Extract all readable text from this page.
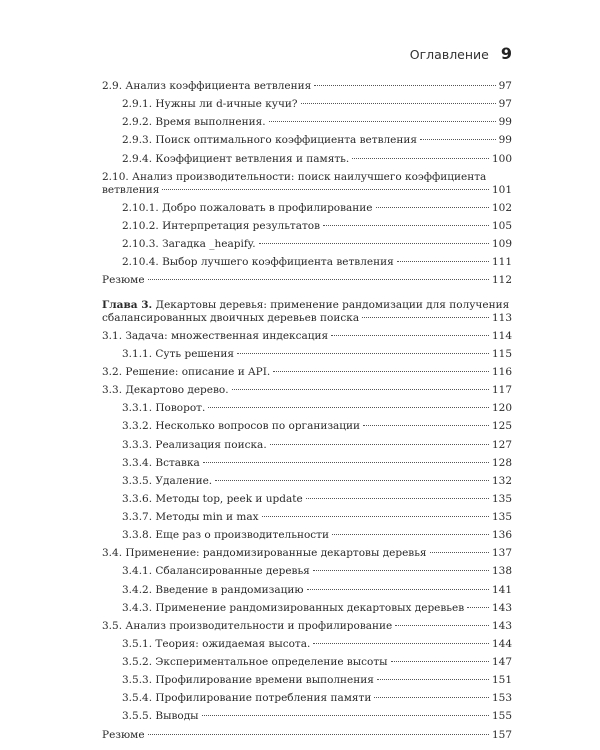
Оглавление 9
2.9. Анализ коэффициента ветвления	97
2.9.1. Нужны ли d-ичные кучи?	97
2.9.2. Время выполнения.	99
2.9.3. Поиск оптимального коэффициента ветвления	99
2.9.4. Коэффициент ветвления и память.	100
2.10. Анализ производительности: поиск наилучшего коэффициента
ветвления	101
2.10.1. Добро пожаловать в профилирование	102
2.10.2. Интерпретация результатов	105
2.10.3. Загадка _heapify.	109
2.10.4. Выбор лучшего коэффициента ветвления	111
Резюме	112
Глава 3. Декартовы деревья: применение рандомизации для получения
сбалансированных двоичных деревьев поиска	113
3.1. Задача: множественная индексация	114
3.1.1. Суть решения	115
3.2. Решение: описание и API.	116
3.3. Декартово дерево.	117
3.3.1. Поворот.	120
3.3.2. Несколько вопросов по организации	125
3.3.3. Реализация поиска.	127
3.3.4. Вставка	128
3.3.5. Удаление.	132
3.3.6. Методы top, peek и update	135
3.3.7. Методы min и max	135
3.3.8. Еще раз о производительности	136
3.4. Применение: рандомизированные декартовы деревья	137
3.4.1. Сбалансированные деревья	138
3.4.2. Введение в рандомизацию	141
3.4.3. Применение рандомизированных декартовых деревьев	143
3.5. Анализ производительности и профилирование	143
3.5.1. Теория: ожидаемая высота.	144
3.5.2. Экспериментальное определение высоты	147
3.5.3. Профилирование времени выполнения	151
3.5.4. Профилирование потребления памяти	153
3.5.5. Выводы	155
Резюме	157
